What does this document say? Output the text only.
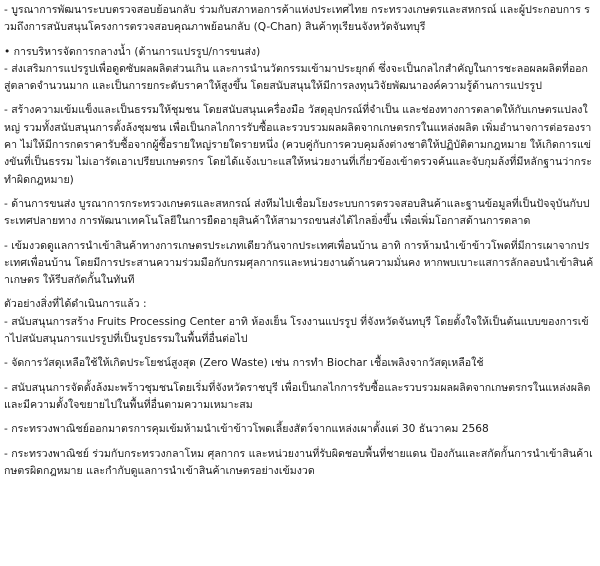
- บูรณาการพัฒนาระบบตรวจสอบย้อนกลับ ร่วมกับสภาหอการค้าแห่งประเทศไทย กระทรวงเกษตรและสหกรณ์ และผู้ประกอบการ รวมถึงการสนับสนุนโครงการตรวจสอบคุณภาพย้อนกลับ (Q-Chan) สินค้าทุเรียนจังหวัดจันทบุรี

• การบริหารจัดการกลางน้ำ (ด้านการแปรรูป/การขนส่ง)

- ส่งเสริมการแปรรูปเพื่อดูดซับผลผลิตส่วนเกิน และการนำนวัตกรรมเข้ามาประยุกต์ ซึ่งจะเป็นกลไกสำคัญในการชะลอผลผลิตที่ออกสู่ตลาดจำนวนมาก และเป็นการยกระดับราคาให้สูงขึ้น โดยสนับสนุนให้มีการลงทุนวิจัยพัฒนาองค์ความรู้ด้านการแปรรูป

- สร้างความเข้มแข็งและเป็นธรรมให้ชุมชน โดยสนับสนุนเครื่องมือ วัสดุอุปกรณ์ที่จำเป็น และช่องทางการตลาดให้กับเกษตรแปลงใหญ่ รวมทั้งสนับสนุนการตั้งล้งชุมชน เพื่อเป็นกลไกการรับซื้อและรวบรวมผลผลิตจากเกษตรกรในแหล่งผลิต เพิ่มอำนาจการต่อรองราคา ไม่ให้มีการกดราคารับซื้อจากผู้ซื้อรายใหญ่รายใดรายหนึ่ง (ควบคู่กับการควบคุมล้งต่างชาติให้ปฏิบัติตามกฎหมาย ให้เกิดการแข่งขันที่เป็นธรรม ไม่เอารัดเอาเปรียบเกษตรกร โดยได้แจ้งเบาะแสให้หน่วยงานที่เกี่ยวข้องเข้าตรวจค้นและจับกุมล้งที่มีหลักฐานว่ากระทำผิดกฎหมาย)

- ด้านการขนส่ง บูรณาการกระทรวงเกษตรและสหกรณ์ ส่งทีมไปเชื่อมโยงระบบการตรวจสอบสินค้าและฐานข้อมูลที่เป็นปัจจุบันกับประเทศปลายทาง การพัฒนาเทคโนโลยีในการยืดอายุสินค้าให้สามารถขนส่งได้ไกลยิ่งขึ้น เพื่อเพิ่มโอกาสด้านการตลาด

- เข้มงวดดูแลการนำเข้าสินค้าทางการเกษตรประเภทเดียวกันจากประเทศเพื่อนบ้าน อาทิ การห้ามนำเข้าข้าวโพดที่มีการเผาจากประเทศเพื่อนบ้าน โดยมีการประสานความร่วมมือกับกรมศุลกากรและหน่วยงานด้านความมั่นคง หากพบเบาะแสการลักลอบนำเข้าสินค้าเกษตร ให้รีบสกัดกั้นในทันที

ตัวอย่างสิ่งที่ได้ดำเนินการแล้ว :

- สนับสนุนการสร้าง Fruits Processing Center อาทิ ห้องเย็น โรงงานแปรรูป ที่จังหวัดจันทบุรี โดยตั้งใจให้เป็นต้นแบบของการเข้าไปสนับสนุนการแปรรูปที่เป็นรูปธรรมในพื้นที่อื่นต่อไป

- จัดการวัสดุเหลือใช้ให้เกิดประโยชน์สูงสุด (Zero Waste) เช่น การทำ Biochar เชื้อเพลิงจากวัสดุเหลือใช้

- สนับสนุนการจัดตั้งล้งมะพร้าวชุมชนโดยเริ่มที่จังหวัดราชบุรี เพื่อเป็นกลไกการรับซื้อและรวบรวมผลผลิตจากเกษตรกรในแหล่งผลิต และมีความตั้งใจขยายไปในพื้นที่อื่นตามความเหมาะสม

- กระทรวงพาณิชย์ออกมาตรการคุมเข้มห้ามนำเข้าข้าวโพดเลี้ยงสัตว์จากแหล่งเผาตั้งแต่ 30 ธันวาคม 2568

- กระทรวงพาณิชย์ ร่วมกับกระทรวงกลาโหม ศุลกากร และหน่วยงานที่รับผิดชอบพื้นที่ชายแดน ป้องกันและสกัดกั้นการนำเข้าสินค้าเกษตรผิดกฎหมาย และกำกับดูแลการนำเข้าสินค้าเกษตรอย่างเข้มงวด
